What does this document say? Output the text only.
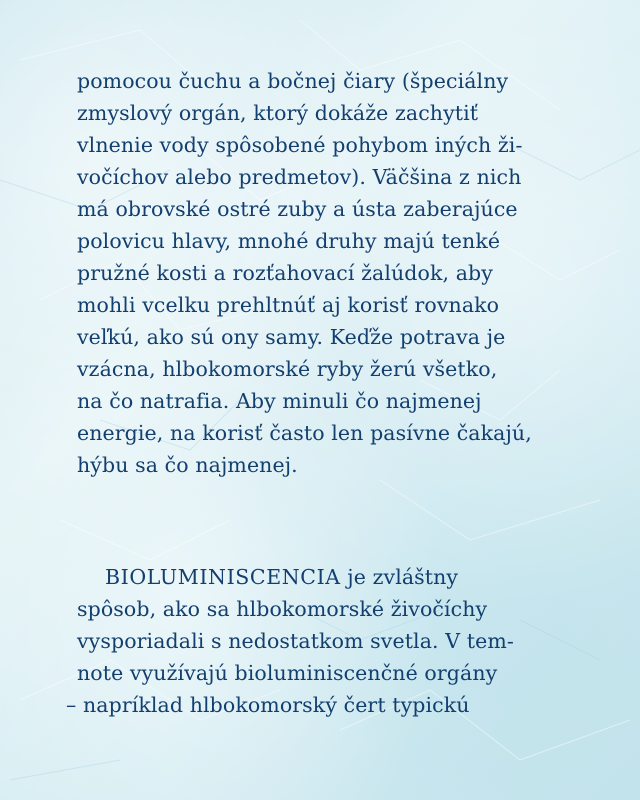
pomocou čuchu a bočnej čiary (špeciálny
zmyslový orgán, ktorý dokáže zachytiť
vlnenie vody spôsobené pohybom iných ži-
vočíchov alebo predmetov). Väčšina z nich
má obrovské ostré zuby a ústa zaberajúce
polovicu hlavy, mnohé druhy majú tenké
pružné kosti a rozťahovací žalúdok, aby
mohli vcelku prehltnúť aj korisť rovnako
veľkú, ako sú ony samy. Keďže potrava je
vzácna, hlbokomorské ryby žerú všetko,
na čo natrafia. Aby minuli čo najmenej
energie, na korisť často len pasívne čakajú,
hýbu sa čo najmenej.
BIOLUMINISCENCIA je zvláštny
spôsob, ako sa hlbokomorské živočíchy
vysporiadali s nedostatkom svetla. V tem-
note využívajú bioluminiscenčné orgány
– napríklad hlbokomorský čert typickú
